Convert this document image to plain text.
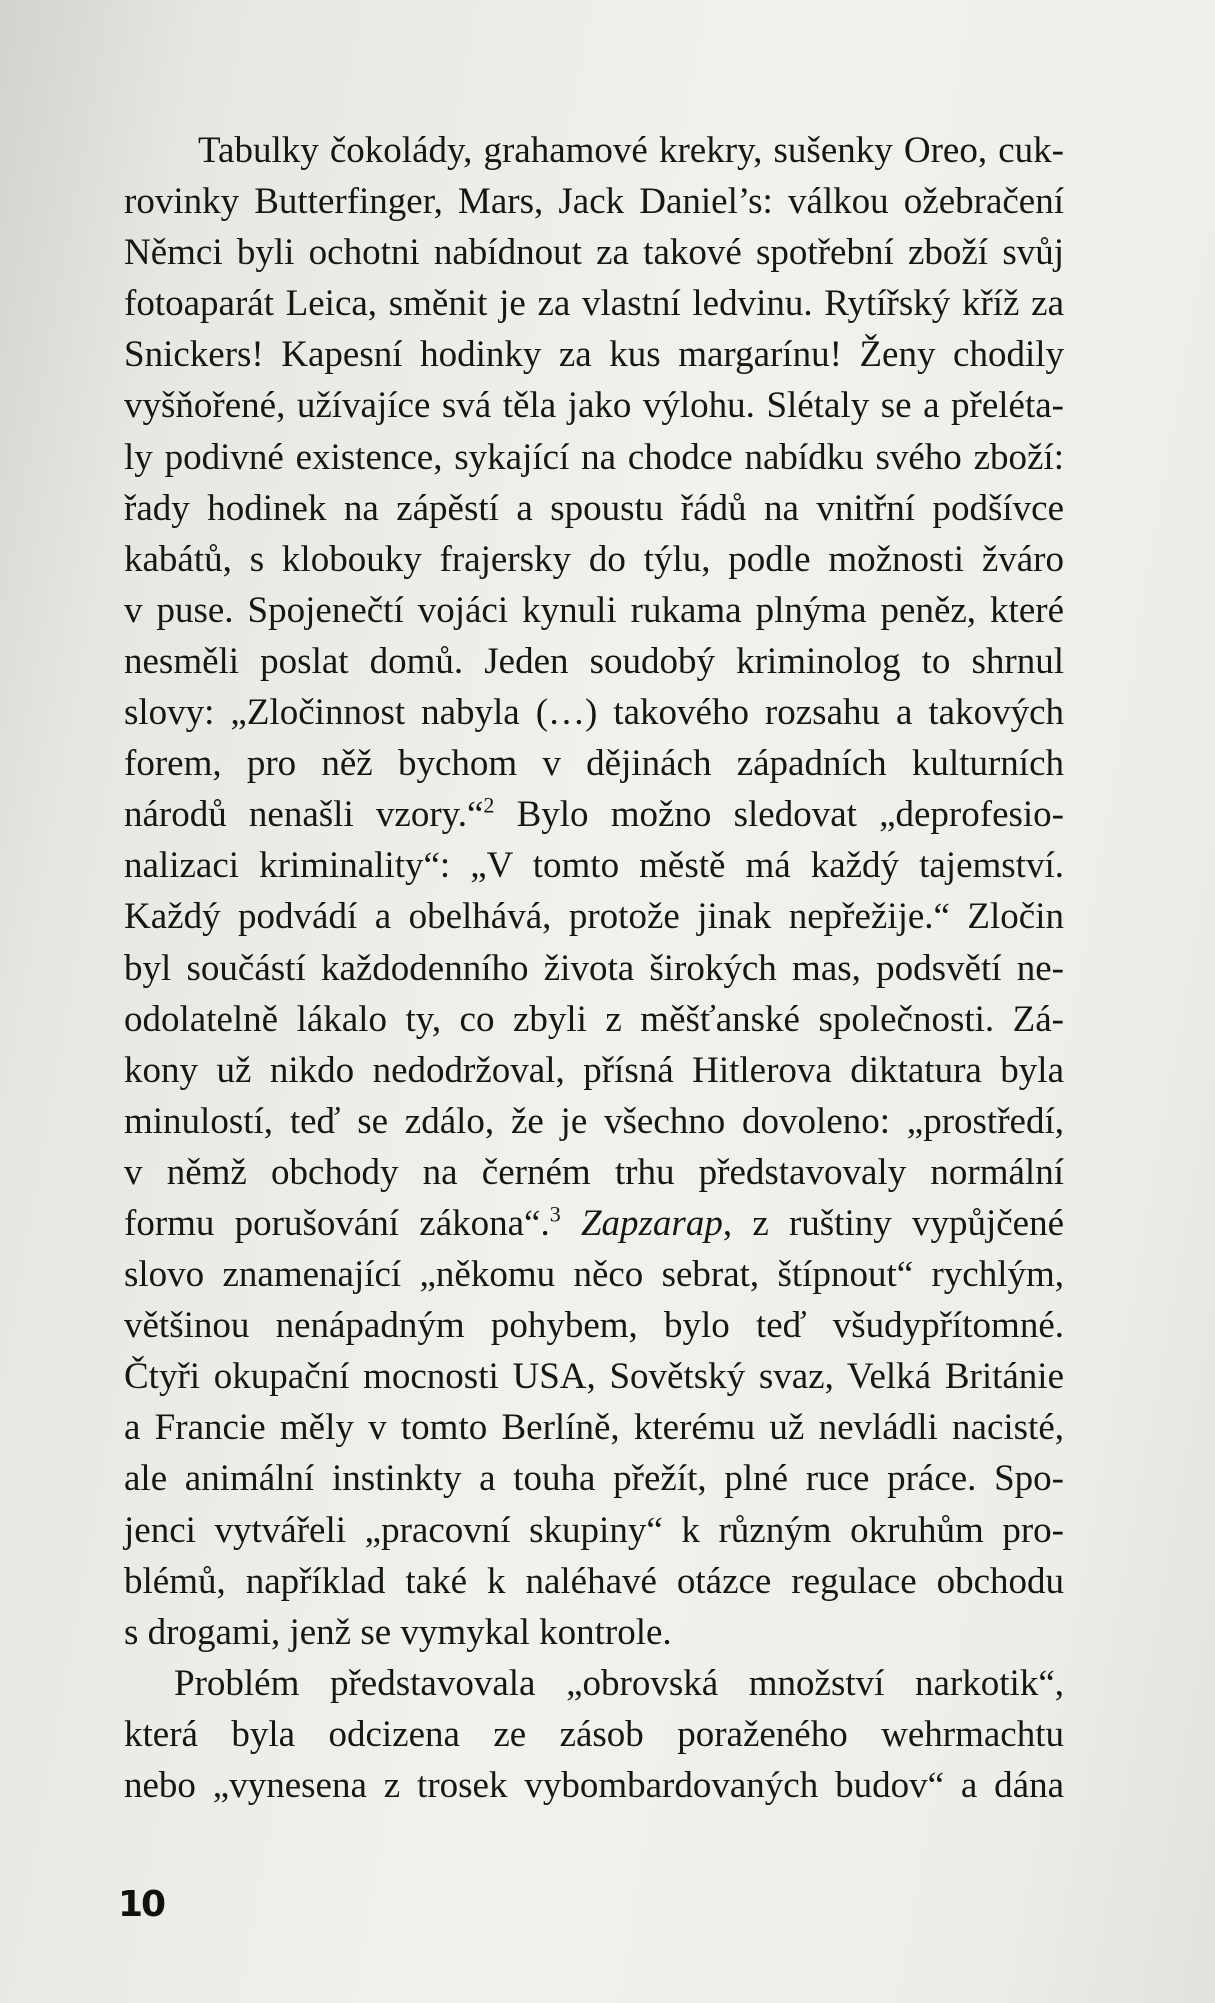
Tabulky čokolády, grahamové krekry, sušenky Oreo, cuk-
rovinky Butterfinger, Mars, Jack Daniel’s: válkou ožebračení
Němci byli ochotni nabídnout za takové spotřební zboží svůj
fotoaparát Leica, směnit je za vlastní ledvinu. Rytířský kříž za
Snickers! Kapesní hodinky za kus margarínu! Ženy chodily
vyšňořené, užívajíce svá těla jako výlohu. Slétaly se a přeléta-
ly podivné existence, sykající na chodce nabídku svého zboží:
řady hodinek na zápěstí a spoustu řádů na vnitřní podšívce
kabátů, s klobouky frajersky do týlu, podle možnosti žváro
v puse. Spojenečtí vojáci kynuli rukama plnýma peněz, které
nesměli poslat domů. Jeden soudobý kriminolog to shrnul
slovy: „Zločinnost nabyla (…) takového rozsahu a takových
forem, pro něž bychom v dějinách západních kulturních
národů nenašli vzory.“$^2$ Bylo možno sledovat „deprofesio-
nalizaci kriminality“: „V tomto městě má každý tajemství.
Každý podvádí a obelhává, protože jinak nepřežije.“ Zločin
byl součástí každodenního života širokých mas, podsvětí ne-
odolatelně lákalo ty, co zbyli z měšťanské společnosti. Zá-
kony už nikdo nedodržoval, přísná Hitlerova diktatura byla
minulostí, teď se zdálo, že je všechno dovoleno: „prostředí,
v němž obchody na černém trhu představovaly normální
formu porušování zákona“.$^3$ Zapzarap, z ruštiny vypůjčené
slovo znamenající „někomu něco sebrat, štípnout“ rychlým,
většinou nenápadným pohybem, bylo teď všudypřítomné.
Čtyři okupační mocnosti USA, Sovětský svaz, Velká Británie
a Francie měly v tomto Berlíně, kterému už nevládli nacisté,
ale animální instinkty a touha přežít, plné ruce práce. Spo-
jenci vytvářeli „pracovní skupiny“ k různým okruhům pro-
blémů, například také k naléhavé otázce regulace obchodu
s drogami, jenž se vymykal kontrole.

Problém představovala „obrovská množství narkotik“,
která byla odcizena ze zásob poraženého wehrmachtu
nebo „vynesena z trosek vybombardovaných budov“ a dána

10
